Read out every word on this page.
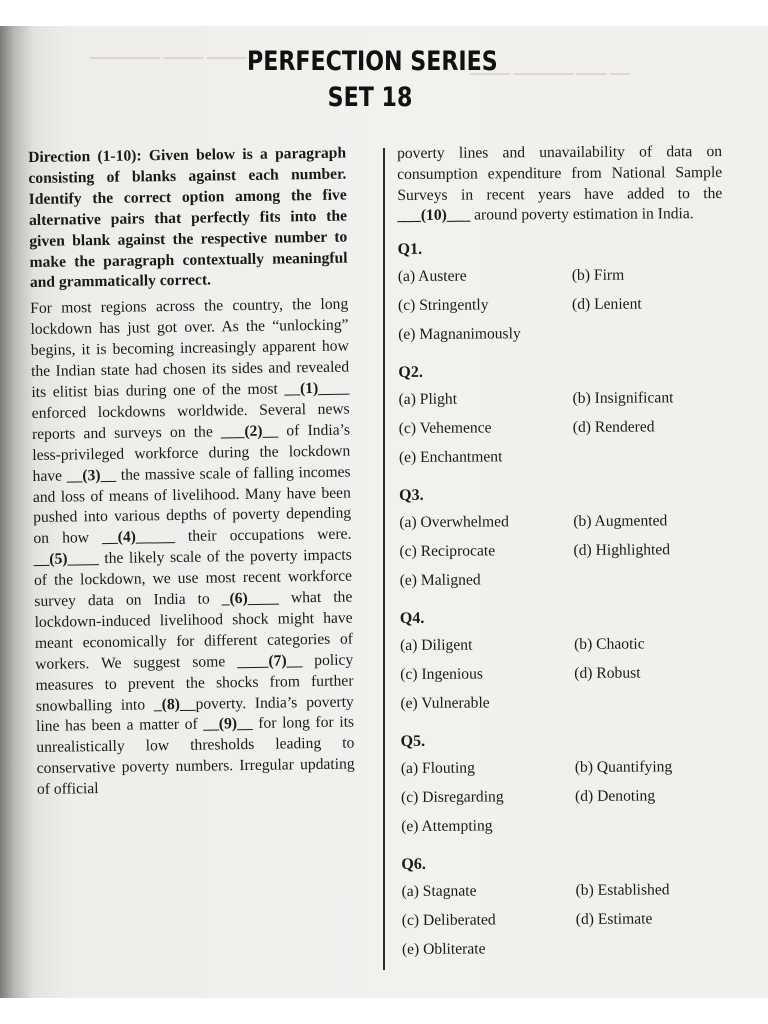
▁▁▁▁▁▁▁ ▁▁▁▁ ▁▁▁▁
▁▁▁▁ ▁▁▁▁▁▁ ▁▁▁ ▁▁
PERFECTION SERIES
SET 18

Direction (1-10): Given below is a paragraph consisting of blanks against each number. Identify the correct option among the five alternative pairs that perfectly fits into the given blank against the respective number to make the paragraph contextually meaningful and grammatically correct.

For most regions across the country, the long lockdown has just got over. As the “unlocking” begins, it is becoming increasingly apparent how the Indian state had chosen its sides and revealed its elitist bias during one of the most __(1)____ enforced lockdowns worldwide. Several news reports and surveys on the ___(2)__ of India’s less-privileged workforce during the lockdown have __(3)__ the massive scale of falling incomes and loss of means of livelihood. Many have been pushed into various depths of poverty depending on how __(4)_____ their occupations were. __(5)____ the likely scale of the poverty impacts of the lockdown, we use most recent workforce survey data on India to _(6)____ what the lockdown-induced livelihood shock might have meant economically for different categories of workers. We suggest some ____(7)__ policy measures to prevent the shocks from further snowballing into _(8)__poverty. India’s poverty line has been a matter of __(9)__ for long for its unrealistically low thresholds leading to conservative poverty numbers. Irregular updating of official

poverty lines and unavailability of data on consumption expenditure from National Sample Surveys in recent years have added to the ___(10)___ around poverty estimation in India.

Q1.
(a) Austere	(b) Firm
(c) Stringently	(d) Lenient
(e) Magnanimously
Q2.
(a) Plight	(b) Insignificant
(c) Vehemence	(d) Rendered
(e) Enchantment
Q3.
(a) Overwhelmed	(b) Augmented
(c) Reciprocate	(d) Highlighted
(e) Maligned
Q4.
(a) Diligent	(b) Chaotic
(c) Ingenious	(d) Robust
(e) Vulnerable
Q5.
(a) Flouting	(b) Quantifying
(c) Disregarding	(d) Denoting
(e) Attempting
Q6.
(a) Stagnate	(b) Established
(c) Deliberated	(d) Estimate
(e) Obliterate
